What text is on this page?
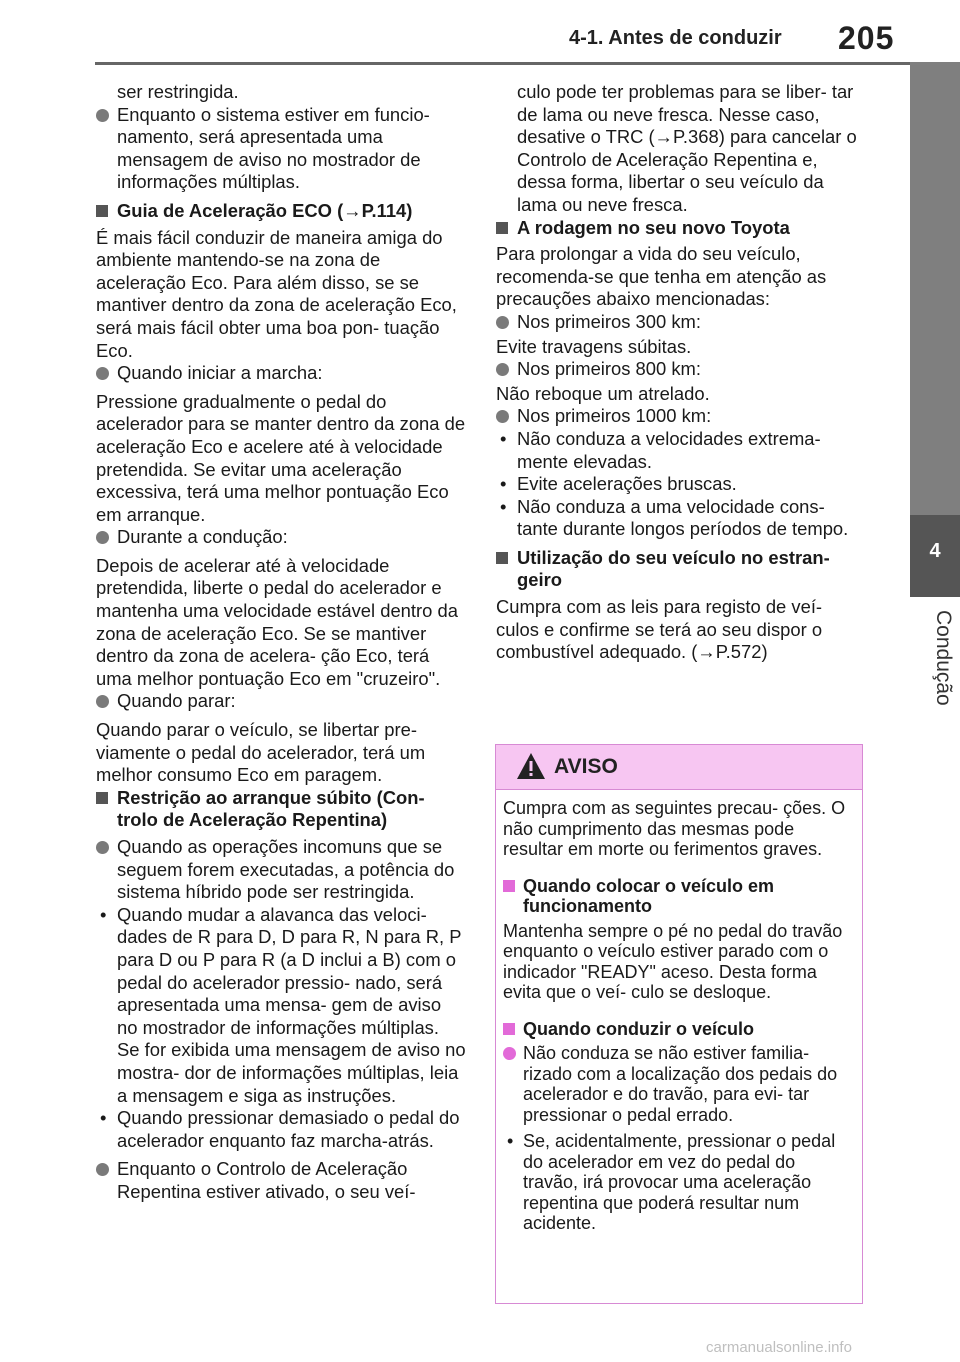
4-1. Antes de conduzir 205
4
Condução

ser restringida.

Enquanto o sistema estiver em funcio- namento, será apresentada uma mensagem de aviso no mostrador de informações múltiplas.
Guia de Aceleração ECO (→P.114)

É mais fácil conduzir de maneira amiga do ambiente mantendo-se na zona de aceleração Eco. Para além disso, se se mantiver dentro da zona de aceleração Eco, será mais fácil obter uma boa pon- tuação Eco.

Quando iniciar a marcha:

Pressione gradualmente o pedal do acelerador para se manter dentro da zona de aceleração Eco e acelere até à velocidade pretendida. Se evitar uma aceleração excessiva, terá uma melhor pontuação Eco em arranque.

Durante a condução:

Depois de acelerar até à velocidade pretendida, liberte o pedal do acelerador e mantenha uma velocidade estável dentro da zona de aceleração Eco. Se se mantiver dentro da zona de acelera- ção Eco, terá uma melhor pontuação Eco em "cruzeiro".

Quando parar:

Quando parar o veículo, se libertar pre- viamente o pedal do acelerador, terá um melhor consumo Eco em paragem.

Restrição ao arranque súbito (Con- trolo de Aceleração Repentina)
Quando as operações incomuns que se seguem forem executadas, a potência do sistema híbrido pode ser restringida.
• Quando mudar a alavanca das veloci- dades de R para D, D para R, N para R, P para D ou P para R (a D inclui a B) com o pedal do acelerador pressio- nado, será apresentada uma mensa- gem de aviso no mostrador de informações múltiplas. Se for exibida uma mensagem de aviso no mostra- dor de informações múltiplas, leia a mensagem e siga as instruções.
• Quando pressionar demasiado o pedal do acelerador enquanto faz marcha-atrás.
Enquanto o Controlo de Aceleração Repentina estiver ativado, o seu veí-

culo pode ter problemas para se liber- tar de lama ou neve fresca. Nesse caso, desative o TRC (→P.368) para cancelar o Controlo de Aceleração Repentina e, dessa forma, libertar o seu veículo da lama ou neve fresca.

A rodagem no seu novo Toyota

Para prolongar a vida do seu veículo, recomenda-se que tenha em atenção as precauções abaixo mencionadas:

Nos primeiros 300 km:

Evite travagens súbitas.

Nos primeiros 800 km:

Não reboque um atrelado.

Nos primeiros 1000 km:
• Não conduza a velocidades extrema- mente elevadas.
• Evite acelerações bruscas.
• Não conduza a uma velocidade cons- tante durante longos períodos de tempo.
Utilização do seu veículo no estran- geiro

Cumpra com as leis para registo de veí- culos e confirme se terá ao seu dispor o combustível adequado. (→P.572)

AVISO

Cumpra com as seguintes precau- ções. O não cumprimento das mesmas pode resultar em morte ou ferimentos graves.

Quando colocar o veículo em funcionamento

Mantenha sempre o pé no pedal do travão enquanto o veículo estiver parado com o indicador "READY" aceso. Desta forma evita que o veí- culo se desloque.

Quando conduzir o veículo
Não conduza se não estiver familia- rizado com a localização dos pedais do acelerador e do travão, para evi- tar pressionar o pedal errado.
• Se, acidentalmente, pressionar o pedal do acelerador em vez do pedal do travão, irá provocar uma aceleração repentina que poderá resultar num acidente.
carmanualsonline.info
